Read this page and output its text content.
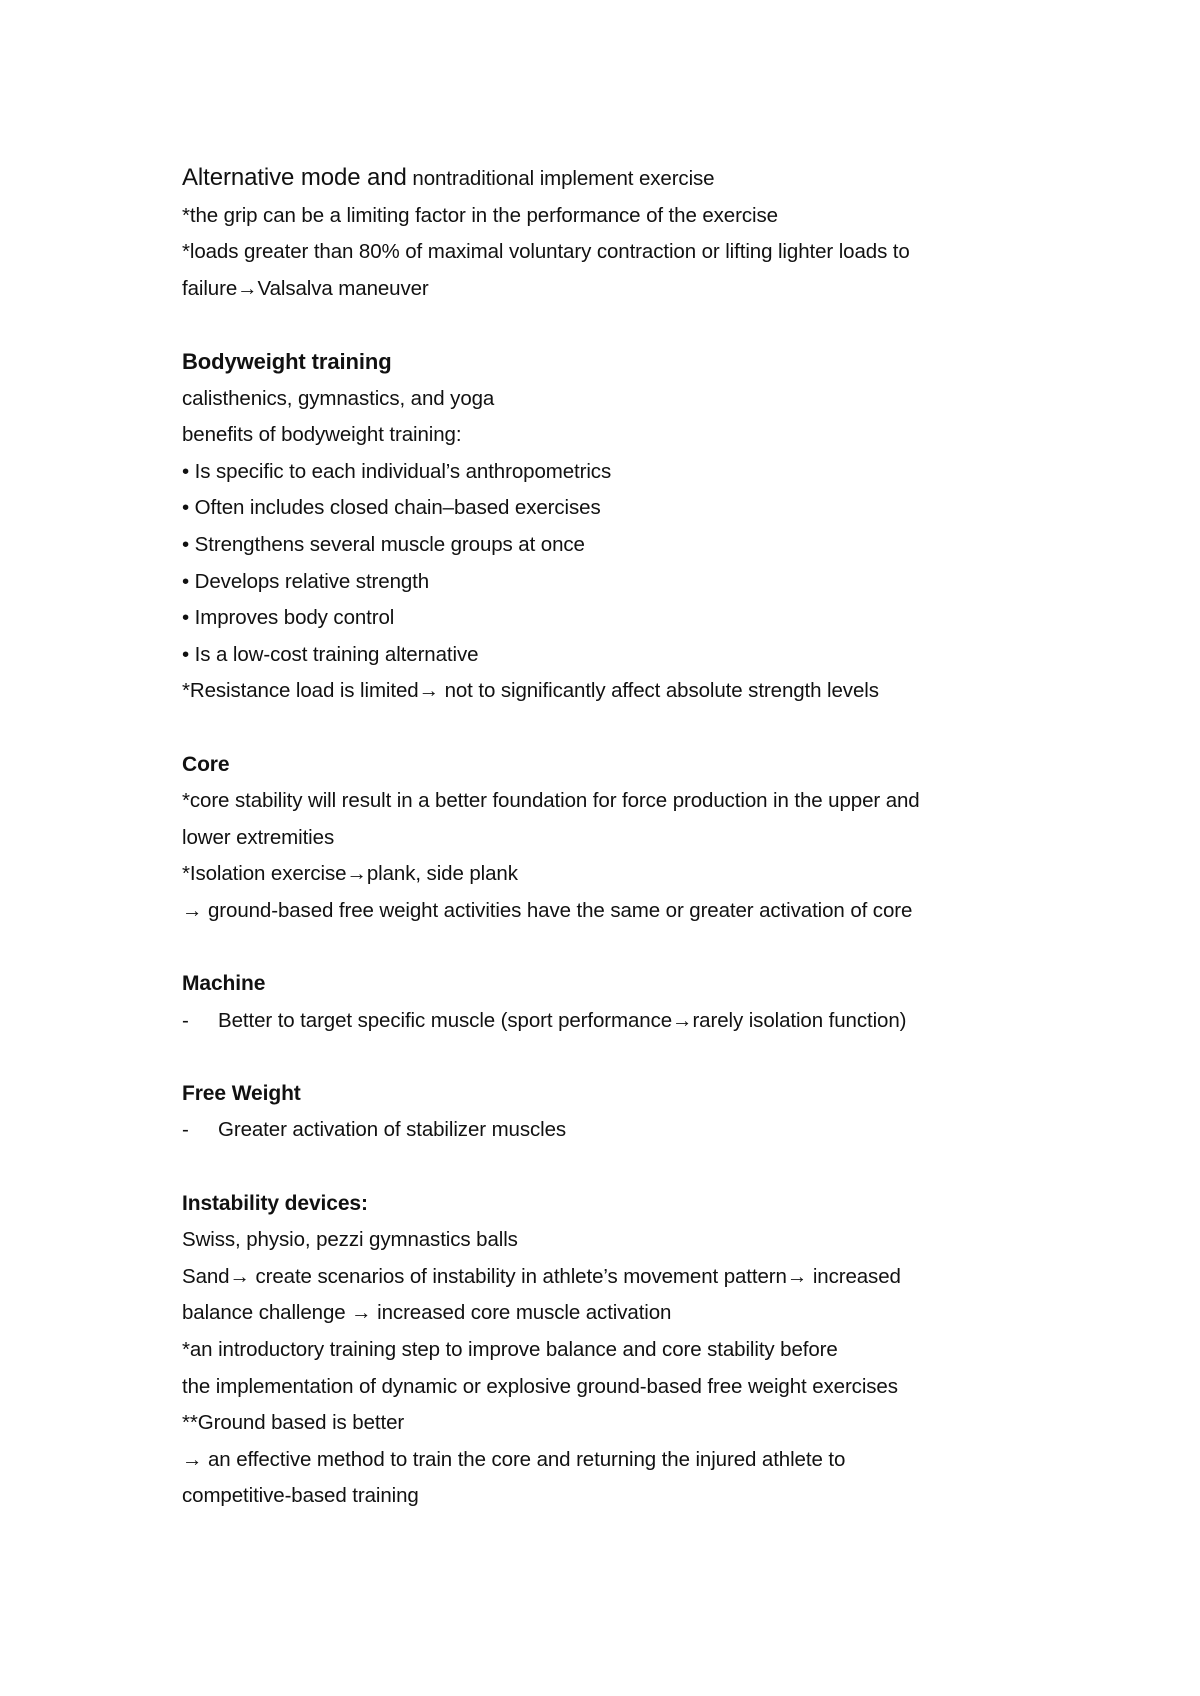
Alternative mode and nontraditional implement exercise
*the grip can be a limiting factor in the performance of the exercise
*loads greater than 80% of maximal voluntary contraction or lifting lighter loads to
failure→Valsalva maneuver
Bodyweight training
calisthenics, gymnastics, and yoga
benefits of bodyweight training:
• Is specific to each individual’s anthropometrics
• Often includes closed chain–based exercises
• Strengthens several muscle groups at once
• Develops relative strength
• Improves body control
• Is a low-cost training alternative
*Resistance load is limited→ not to significantly affect absolute strength levels
Core
*core stability will result in a better foundation for force production in the upper and
lower extremities
*Isolation exercise→plank, side plank
→ ground-based free weight activities have the same or greater activation of core
Machine
- Better to target specific muscle (sport performance→rarely isolation function)
Free Weight
- Greater activation of stabilizer muscles
Instability devices:
Swiss, physio, pezzi gymnastics balls
Sand→ create scenarios of instability in athlete’s movement pattern→ increased
balance challenge → increased core muscle activation
*an introductory training step to improve balance and core stability before
the implementation of dynamic or explosive ground-based free weight exercises
**Ground based is better
→ an effective method to train the core and returning the injured athlete to
competitive-based training
